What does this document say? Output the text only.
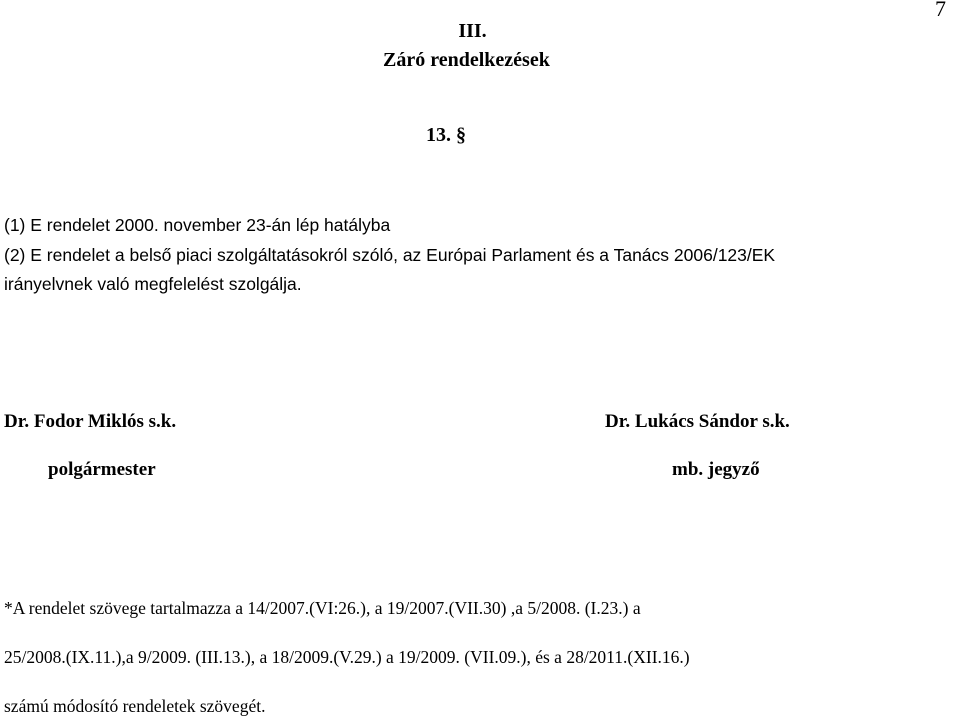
7
III.
Záró rendelkezések
13. §
(1) E rendelet 2000. november 23-án lép hatályba
(2) E rendelet a belső piaci szolgáltatásokról szóló, az Európai Parlament és a Tanács 2006/123/EK
irányelvnek való megfelelést szolgálja.
Dr. Fodor Miklós s.k.
polgármester
Dr. Lukács Sándor s.k.
mb. jegyző
*A rendelet szövege tartalmazza a 14/2007.(VI:26.), a 19/2007.(VII.30) ,a 5/2008. (I.23.) a
25/2008.(IX.11.),a 9/2009. (III.13.), a 18/2009.(V.29.) a 19/2009. (VII.09.), és a 28/2011.(XII.16.)
számú módosító rendeletek szövegét.
